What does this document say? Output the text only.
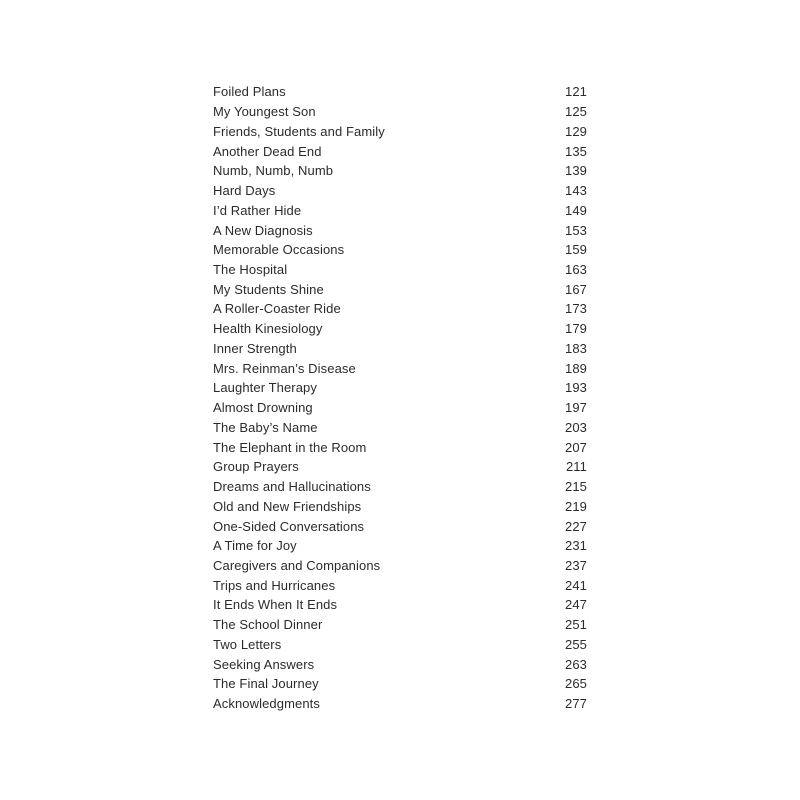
Foiled Plans	121
My Youngest Son	125
Friends, Students and Family	129
Another Dead End	135
Numb, Numb, Numb	139
Hard Days	143
I’d Rather Hide	149
A New Diagnosis	153
Memorable Occasions	159
The Hospital	163
My Students Shine	167
A Roller-Coaster Ride	173
Health Kinesiology	179
Inner Strength	183
Mrs. Reinman’s Disease	189
Laughter Therapy	193
Almost Drowning	197
The Baby’s Name	203
The Elephant in the Room	207
Group Prayers	211
Dreams and Hallucinations	215
Old and New Friendships	219
One-Sided Conversations	227
A Time for Joy	231
Caregivers and Companions	237
Trips and Hurricanes	241
It Ends When It Ends	247
The School Dinner	251
Two Letters	255
Seeking Answers	263
The Final Journey	265
Acknowledgments	277
